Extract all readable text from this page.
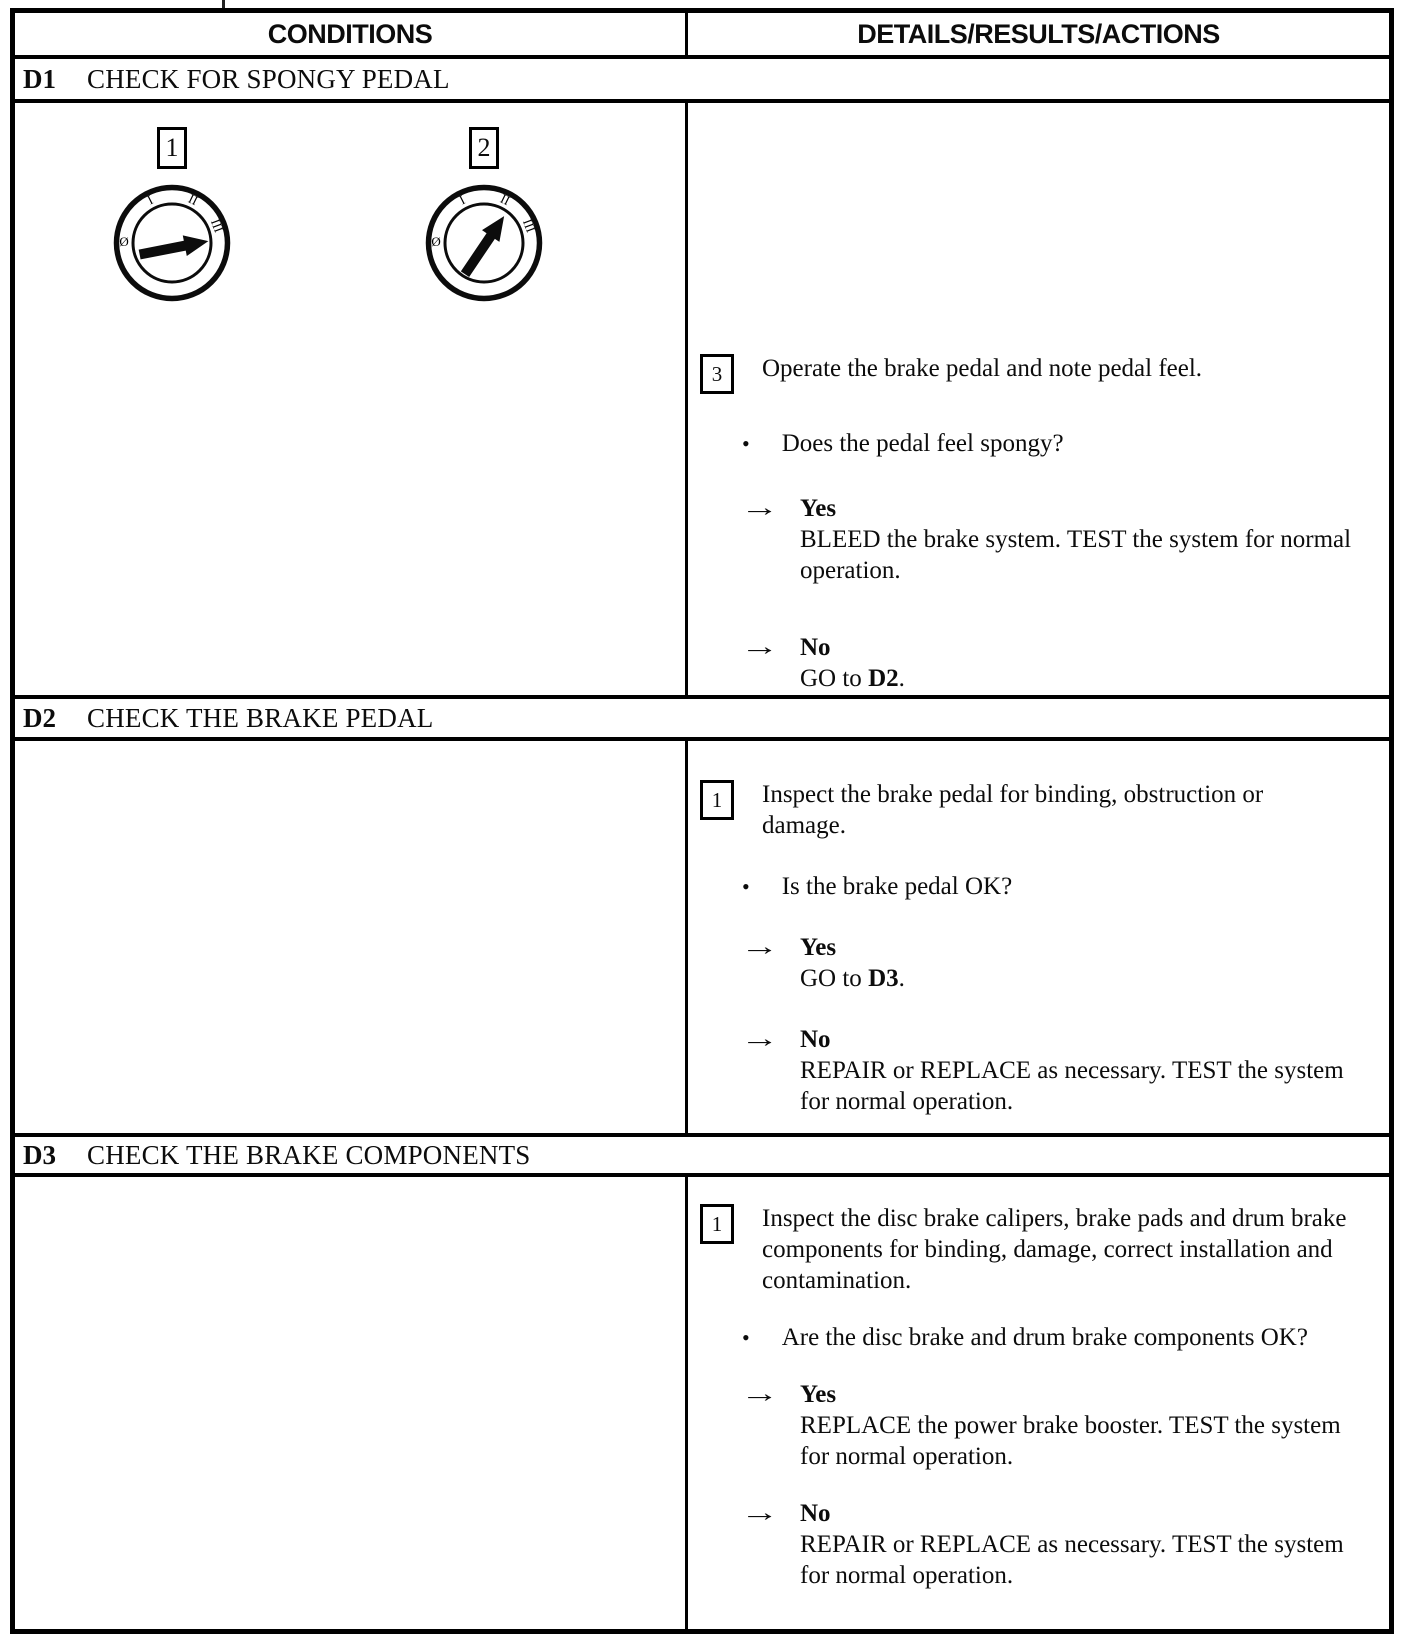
CONDITIONS	DETAILS/RESULTS/ACTIONS
D1	CHECK FOR SPONGY PEDAL
1
Ø
I II
III
2
Ø
I II
III
3	Operate the brake pedal and note pedal feel.
• Does the pedal feel spongy?
→ Yes
BLEED the brake system. TEST the system for normal operation.
→ No
GO to D2.
D2	CHECK THE BRAKE PEDAL
1	Inspect the brake pedal for binding, obstruction or damage.
• Is the brake pedal OK?
→ Yes
GO to D3.
→ No
REPAIR or REPLACE as necessary. TEST the system for normal operation.
D3	CHECK THE BRAKE COMPONENTS
1	Inspect the disc brake calipers, brake pads and drum brake components for binding, damage, correct installation and contamination.
• Are the disc brake and drum brake components OK?
→ Yes
REPLACE the power brake booster. TEST the system for normal operation.
→ No
REPAIR or REPLACE as necessary. TEST the system for normal operation.
